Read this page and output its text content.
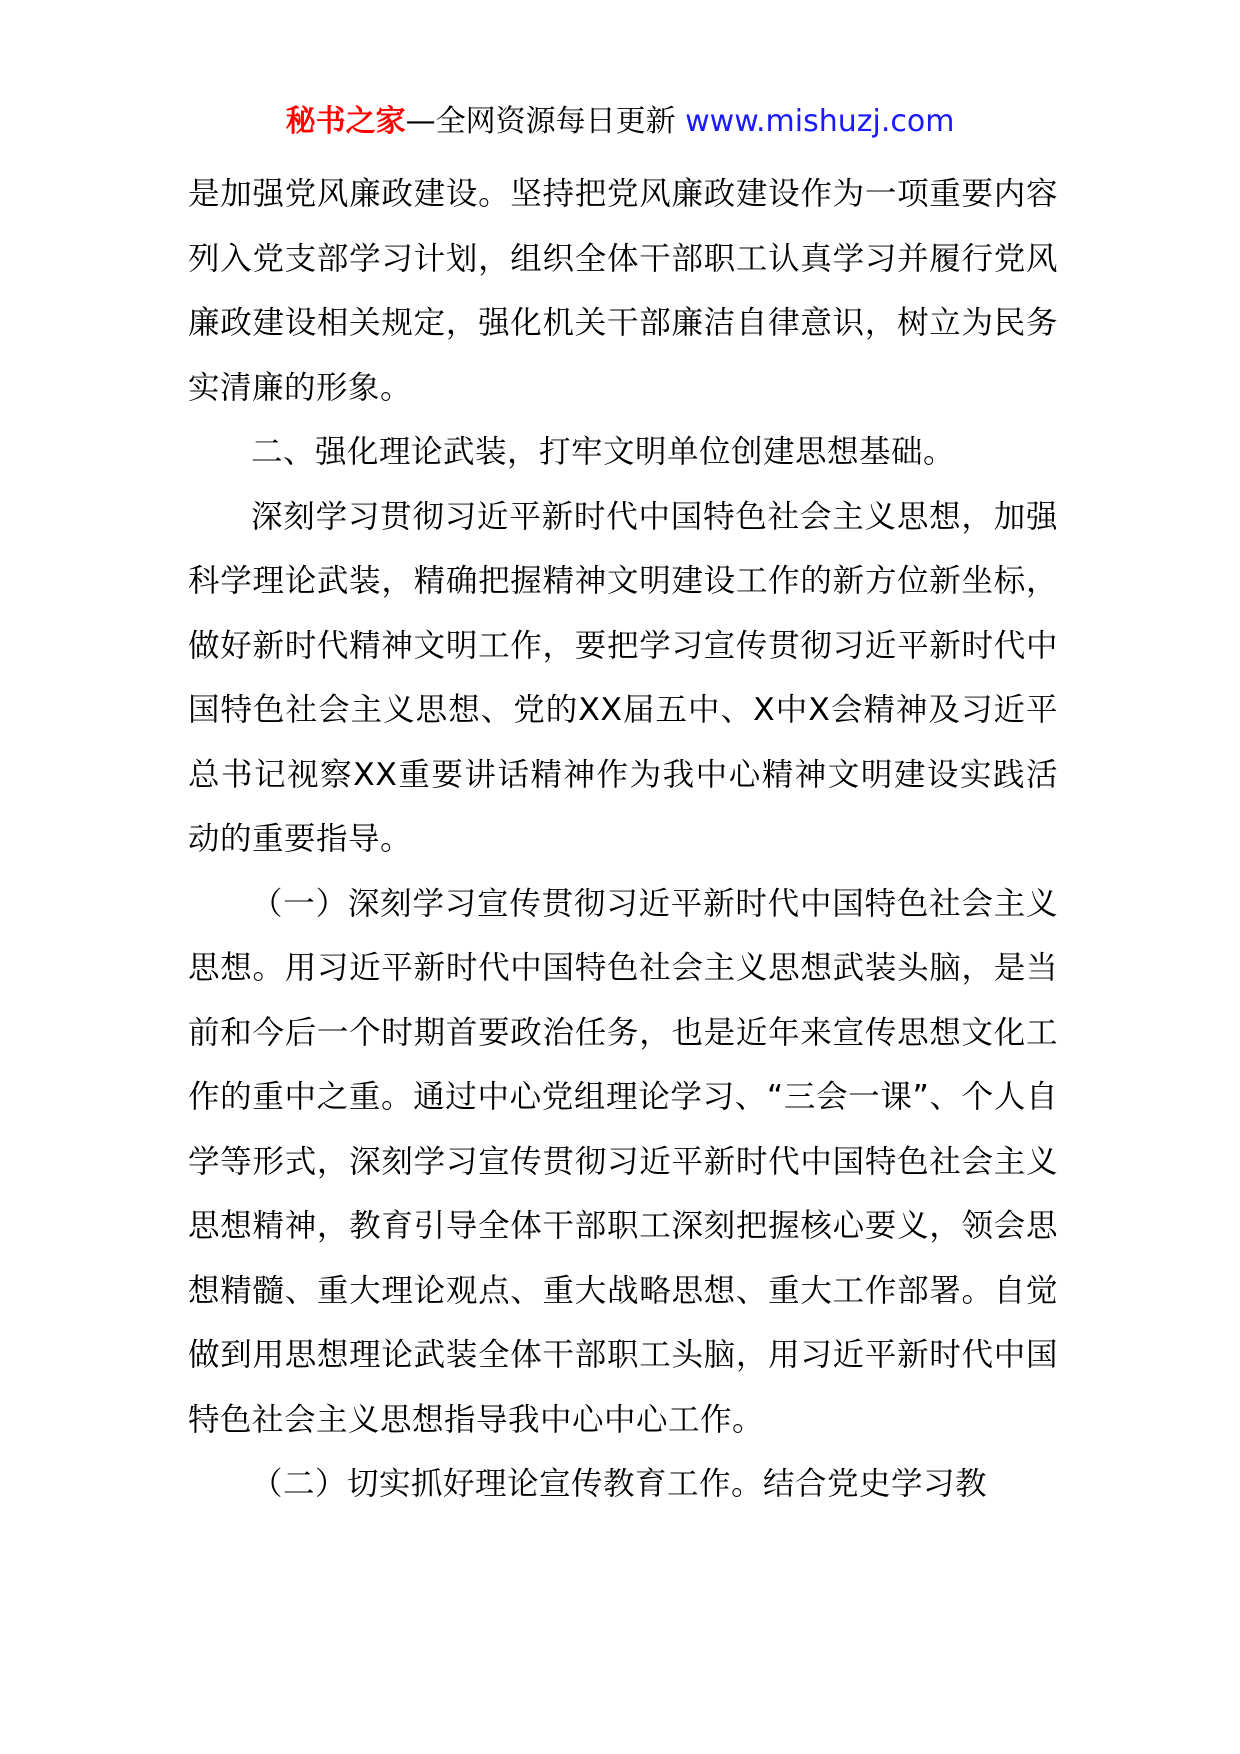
秘书之家—全网资源每日更新 www.mishuzj.com

是加强党风廉政建设。坚持把党风廉政建设作为一项重要内容列入党支部学习计划，组织全体干部职工认真学习并履行党风廉政建设相关规定，强化机关干部廉洁自律意识，树立为民务实清廉的形象。

二、强化理论武装，打牢文明单位创建思想基础。

深刻学习贯彻习近平新时代中国特色社会主义思想，加强科学理论武装，精确把握精神文明建设工作的新方位新坐标，做好新时代精神文明工作，要把学习宣传贯彻习近平新时代中国特色社会主义思想、党的XX届五中、X中X会精神及习近平总书记视察XX重要讲话精神作为我中心精神文明建设实践活动的重要指导。

（一）深刻学习宣传贯彻习近平新时代中国特色社会主义思想。用习近平新时代中国特色社会主义思想武装头脑，是当前和今后一个时期首要政治任务，也是近年来宣传思想文化工作的重中之重。通过中心党组理论学习、“三会一课”、个人自学等形式，深刻学习宣传贯彻习近平新时代中国特色社会主义思想精神，教育引导全体干部职工深刻把握核心要义，领会思想精髓、重大理论观点、重大战略思想、重大工作部署。自觉做到用思想理论武装全体干部职工头脑，用习近平新时代中国特色社会主义思想指导我中心中心工作。

（二）切实抓好理论宣传教育工作。结合党史学习教
